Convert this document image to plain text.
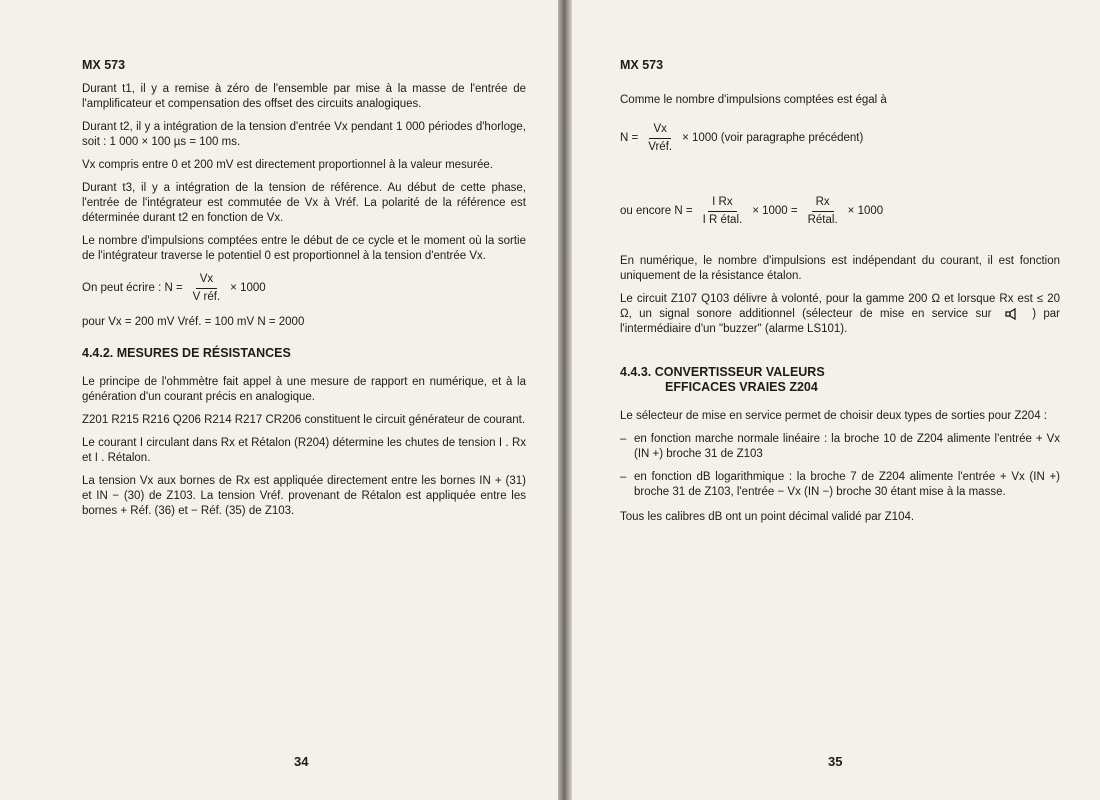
MX 573

Durant t1, il y a remise à zéro de l'ensemble par mise à la masse de l'entrée de l'amplificateur et compensation des offset des circuits analogiques.

Durant t2, il y a intégration de la tension d'entrée Vx pendant 1 000 périodes d'horloge, soit : 1 000 × 100 µs = 100 ms.

Vx compris entre 0 et 200 mV est directement proportionnel à la valeur mesurée.

Durant t3, il y a intégration de la tension de référence. Au début de cette phase, l'entrée de l'intégrateur est commutée de Vx à Vréf. La polarité de la référence est déterminée durant t2 en fonction de Vx.

Le nombre d'impulsions comptées entre le début de ce cycle et le moment où la sortie de l'intégrateur traverse le potentiel 0 est proportionnel à la tension d'entrée Vx.

On peut écrire : $N = \frac{Vx}{\text{V réf.}} \times 1000$

pour Vx = 200 mV Vréf. = 100 mV N = 2000

4.4.2. MESURES DE RÉSISTANCES

Le principe de l'ohmmètre fait appel à une mesure de rapport en numérique, et à la génération d'un courant précis en analogique.

Z201 R215 R216 Q206 R214 R217 CR206 constituent le circuit générateur de courant.

Le courant I circulant dans Rx et Rétalon (R204) détermine les chutes de tension I . Rx et I . Rétalon.

La tension Vx aux bornes de Rx est appliquée directement entre les bornes IN + (31) et IN − (30) de Z103. La tension Vréf. provenant de Rétalon est appliquée entre les bornes + Réf. (36) et − Réf. (35) de Z103.

34
MX 573

Comme le nombre d'impulsions comptées est égal à

$N = \frac{Vx}{\text{Vréf.}} \times 1000$ (voir paragraphe précédent)
ou encore $N = \frac{\text{I Rx}}{\text{I R étal.}} \times 1000 = \frac{Rx}{\text{Rétal.}} \times 1000$

En numérique, le nombre d'impulsions est indépendant du courant, il est fonction uniquement de la résistance étalon.

Le circuit Z107 Q103 délivre à volonté, pour la gamme 200 Ω et lorsque Rx est ≤ 20 Ω, un signal sonore additionnel (sélecteur de mise en service sur	) par l'intermédiaire d'un "buzzer" (alarme LS101).

4.4.3. CONVERTISSEUR VALEURS
EFFICACES VRAIES Z204

Le sélecteur de mise en service permet de choisir deux types de sorties pour Z204 :

– en fonction marche normale linéaire : la broche 10 de Z204 alimente l'entrée + Vx (IN +) broche 31 de Z103
– en fonction dB logarithmique : la broche 7 de Z204 alimente l'entrée + Vx (IN +) broche 31 de Z103, l'entrée − Vx (IN −) broche 30 étant mise à la masse.

Tous les calibres dB ont un point décimal validé par Z104.

35
